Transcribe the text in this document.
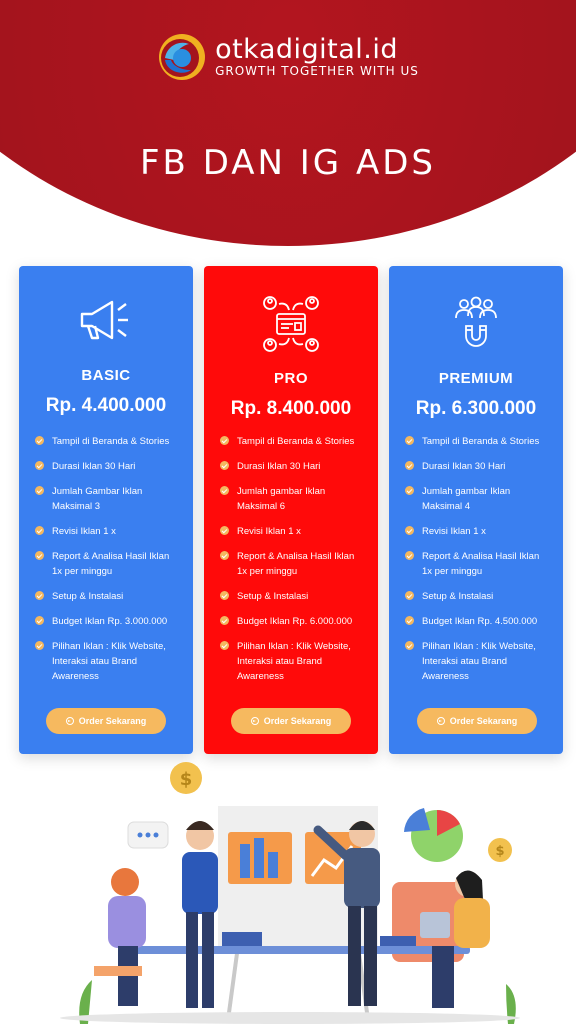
otkadigital.id
GROWTH TOGETHER WITH US
FB DAN IG ADS
BASIC
Rp. 4.400.000
Tampil di Beranda & Stories
Durasi Iklan 30 Hari
Jumlah Gambar Iklan Maksimal 3
Revisi Iklan 1 x
Report & Analisa Hasil Iklan 1x per minggu
Setup & Instalasi
Budget Iklan Rp. 3.000.000
Pilihan Iklan : Klik Website, Interaksi atau Brand Awareness
Order Sekarang
PRO
Rp. 8.400.000
Tampil di Beranda & Stories
Durasi Iklan 30 Hari
Jumlah gambar Iklan Maksimal 6
Revisi Iklan 1 x
Report & Analisa Hasil Iklan 1x per minggu
Setup & Instalasi
Budget Iklan Rp. 6.000.000
Pilihan Iklan : Klik Website, Interaksi atau Brand Awareness
Order Sekarang
PREMIUM
Rp. 6.300.000
Tampil di Beranda & Stories
Durasi Iklan 30 Hari
Jumlah gambar Iklan Maksimal 4
Revisi Iklan 1 x
Report & Analisa Hasil Iklan 1x per minggu
Setup & Instalasi
Budget Iklan Rp. 4.500.000
Pilihan Iklan : Klik Website, Interaksi atau Brand Awareness
Order Sekarang
$
$
